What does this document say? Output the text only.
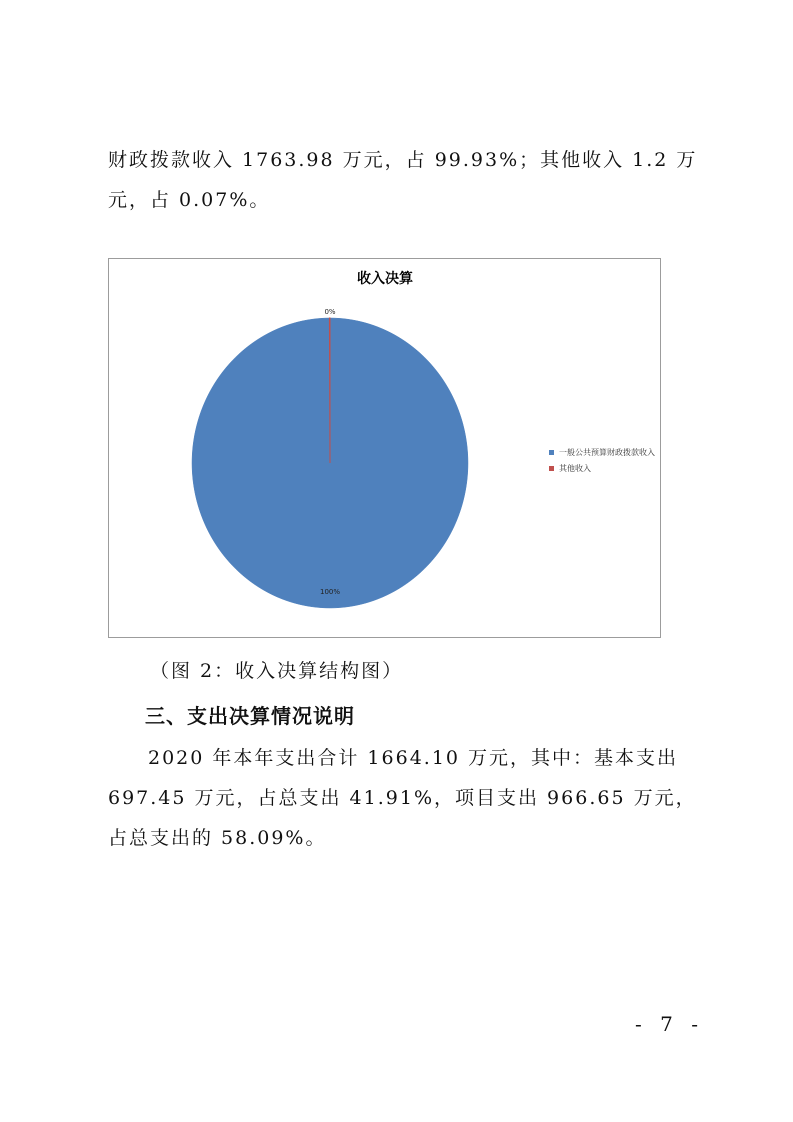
财政拨款收入 1763.98 万元，占 99.93%；其他收入 1.2 万元，占 0.07%。

收入决算
100%
0%
一般公共预算财政拨款收入
其他收入

（图 2：收入决算结构图）

三、支出决算情况说明

2020 年本年支出合计 1664.10 万元，其中：基本支出 697.45 万元，占总支出 41.91%，项目支出 966.65 万元，占总支出的 58.09%。

- 7 -
